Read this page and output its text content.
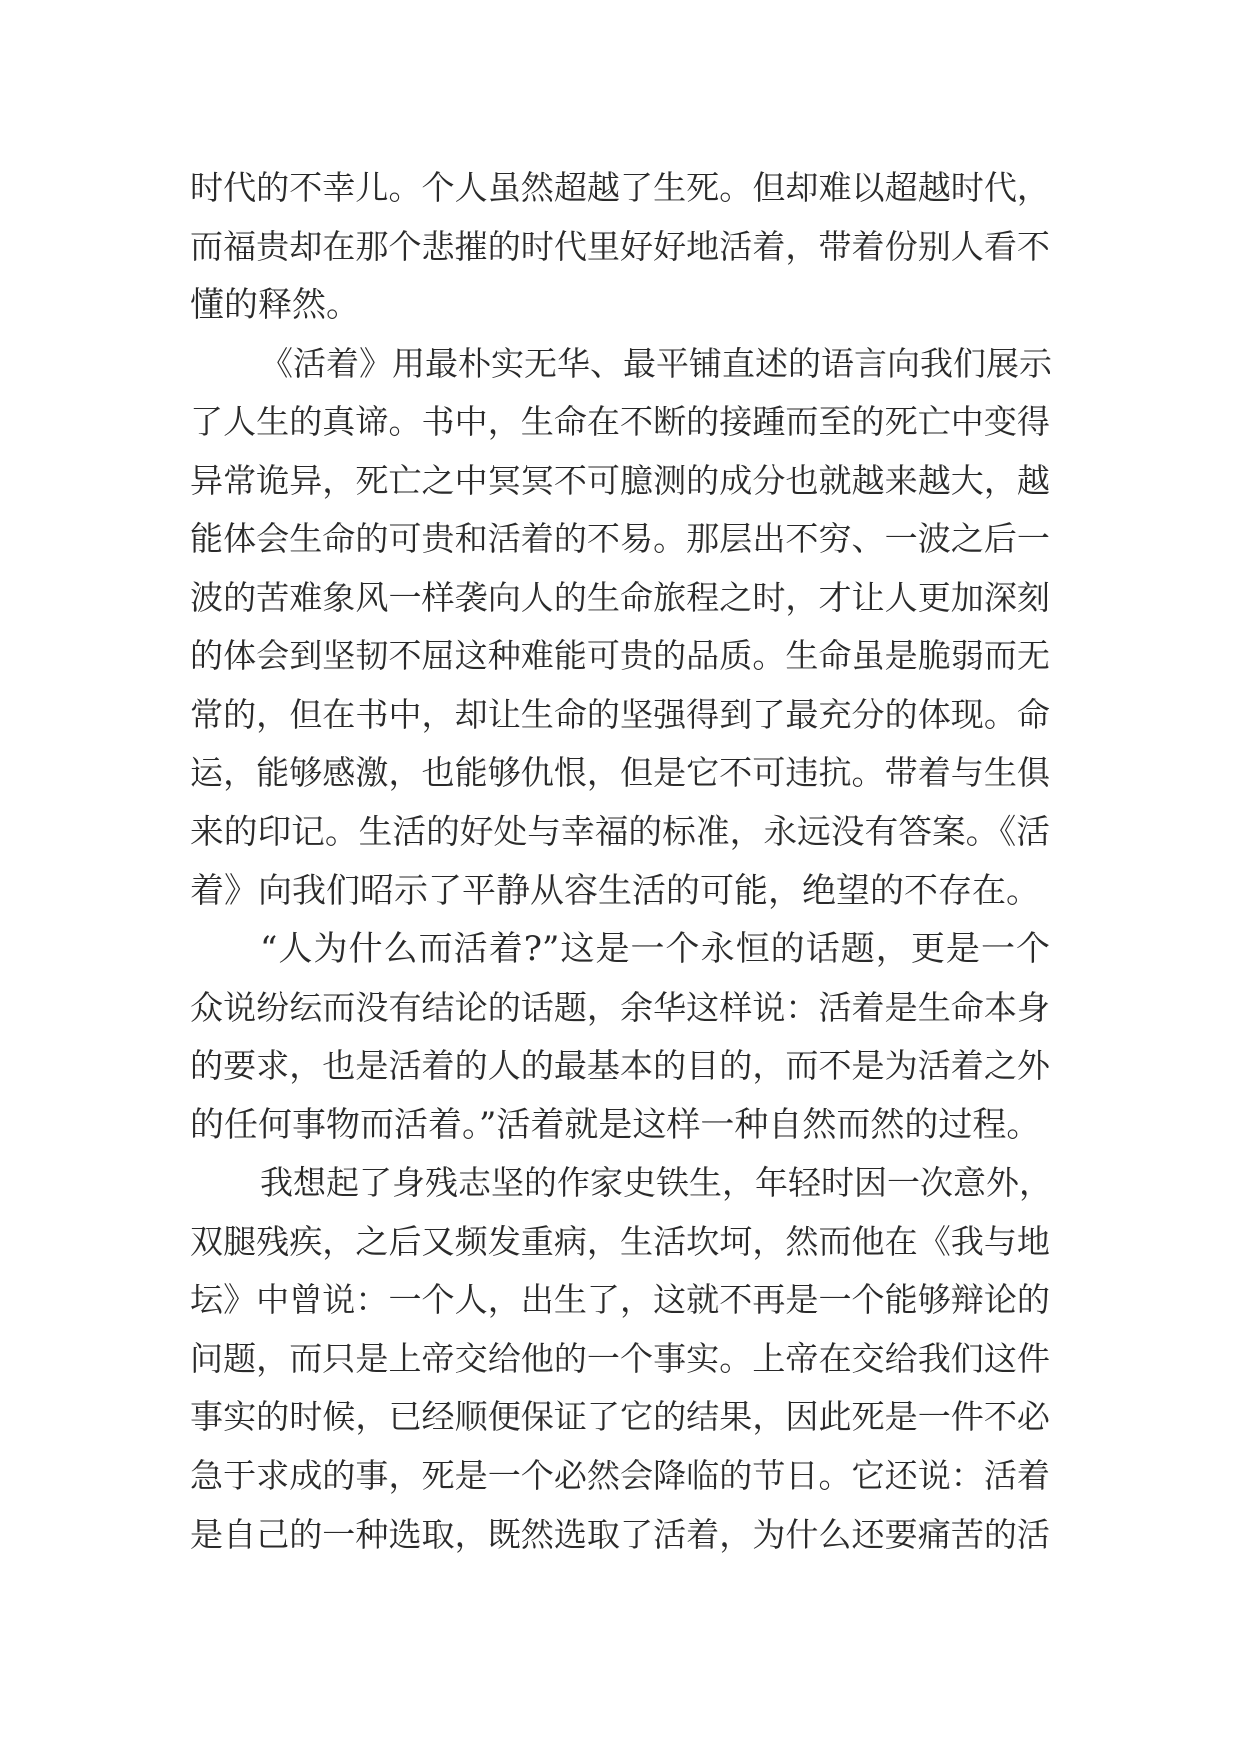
时代的不幸儿。个人虽然超越了生死。但却难以超越时代，
而福贵却在那个悲摧的时代里好好地活着，带着份别人看不
懂的释然。
《活着》用最朴实无华、最平铺直述的语言向我们展示
了人生的真谛。书中，生命在不断的接踵而至的死亡中变得
异常诡异，死亡之中冥冥不可臆测的成分也就越来越大，越
能体会生命的可贵和活着的不易。那层出不穷、一波之后一
波的苦难象风一样袭向人的生命旅程之时，才让人更加深刻
的体会到坚韧不屈这种难能可贵的品质。生命虽是脆弱而无
常的，但在书中，却让生命的坚强得到了最充分的体现。命
运，能够感激，也能够仇恨，但是它不可违抗。带着与生俱
来的印记。生活的好处与幸福的标准，永远没有答案。《活
着》向我们昭示了平静从容生活的可能，绝望的不存在。
“人为什么而活着?”这是一个永恒的话题，更是一个
众说纷纭而没有结论的话题，余华这样说：活着是生命本身
的要求，也是活着的人的最基本的目的，而不是为活着之外
的任何事物而活着。”活着就是这样一种自然而然的过程。
我想起了身残志坚的作家史铁生，年轻时因一次意外，
双腿残疾，之后又频发重病，生活坎坷，然而他在《我与地
坛》中曾说：一个人，出生了，这就不再是一个能够辩论的
问题，而只是上帝交给他的一个事实。上帝在交给我们这件
事实的时候，已经顺便保证了它的结果，因此死是一件不必
急于求成的事，死是一个必然会降临的节日。它还说：活着
是自己的一种选取，既然选取了活着，为什么还要痛苦的活
